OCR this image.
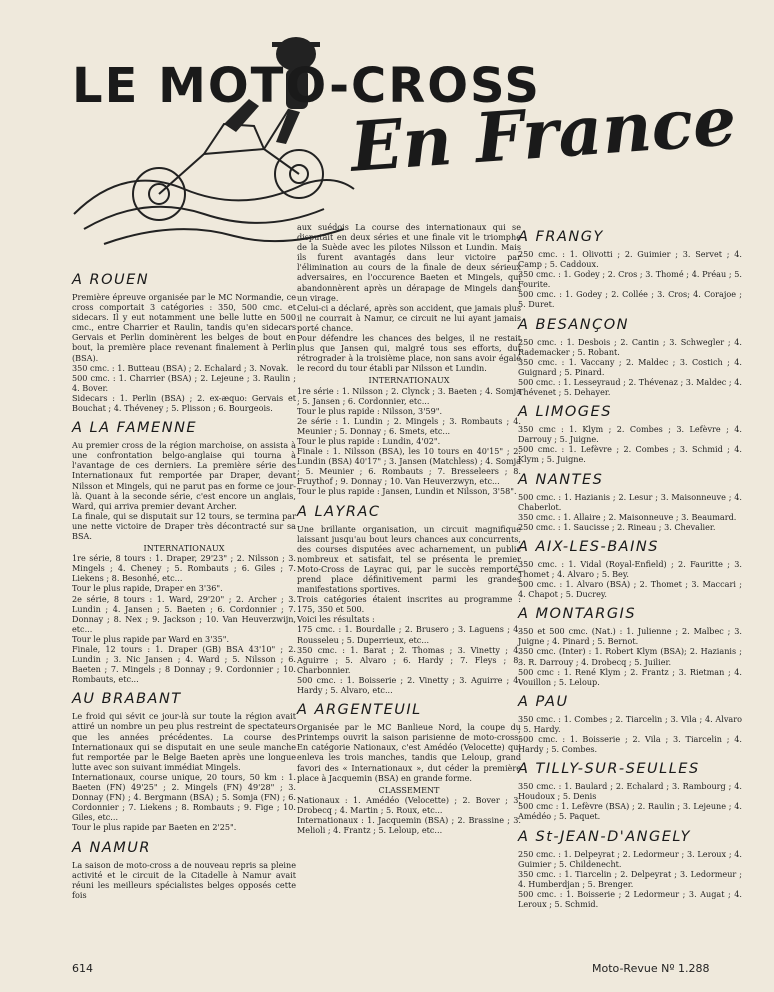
LE MOTO-CROSS
En France
A ROUEN

Première épreuve organisée par le MC Normandie, ce cross comportait 3 catégories : 350, 500 cmc. et sidecars. Il y eut notamment une belle lutte en 500 cmc., entre Charrier et Raulin, tandis qu'en sidecars Gervais et Perlin dominèrent les belges de bout en bout, la première place revenant finalement à Perlin (BSA).

350 cmc. : 1. Butteau (BSA) ; 2. Echalard ; 3. Novak.

500 cmc. : 1. Charrier (BSA) ; 2. Lejeune ; 3. Raulin ; 4. Bover.

Sidecars : 1. Perlin (BSA) ; 2. ex-æquo: Gervais et Bouchat ; 4. Théveney ; 5. Plisson ; 6. Bourgeois.

A LA FAMENNE

Au premier cross de la région marchoise, on assista à une confrontation belgo-anglaise qui tourna à l'avantage de ces derniers. La première série des Internationaux fut remportée par Draper, devant Nilsson et Mingels, qui ne parut pas en forme ce jour-là. Quant à la seconde série, c'est encore un anglais, Ward, qui arriva premier devant Archer.

La finale, qui se disputait sur 12 tours, se termina par une nette victoire de Draper très décontracté sur sa BSA.

INTERNATIONAUX

1re série, 8 tours : 1. Draper, 29'23" ; 2. Nilsson ; 3. Mingels ; 4. Cheney ; 5. Rombauts ; 6. Giles ; 7. Liekens ; 8. Besonhé, etc...

Tour le plus rapide, Draper en 3'36".

2e série, 8 tours : 1. Ward, 29'20" ; 2. Archer ; 3. Lundin ; 4. Jansen ; 5. Baeten ; 6. Cordonnier ; 7. Donnay ; 8. Nex ; 9. Jackson ; 10. Van Heuverzwijn, etc...

Tour le plus rapide par Ward en 3'35".

Finale, 12 tours : 1. Draper (GB) BSA 43'10" ; 2. Lundin ; 3. Nic Jansen ; 4. Ward ; 5. Nilsson ; 6. Baeten ; 7. Mingels ; 8 Donnay ; 9. Cordonnier ; 10. Rombauts, etc...

AU BRABANT

Le froid qui sévit ce jour-là sur toute la région avait attiré un nombre un peu plus restreint de spectateurs que les années précédentes. La course des Internationaux qui se disputait en une seule manche fut remportée par le Belge Baeten après une longue lutte avec son suivant immédiat Mingels.

Internationaux, course unique, 20 tours, 50 km : 1. Baeten (FN) 49'25" ; 2. Mingels (FN) 49'28" ; 3. Donnay (FN) ; 4. Bergmann (BSA) ; 5. Somja (FN) ; 6. Cordonnier ; 7. Liekens ; 8. Rombauts ; 9. Fige ; 10. Giles, etc...

Tour le plus rapide par Baeten en 2'25".

A NAMUR

La saison de moto-cross a de nouveau repris sa pleine activité et le circuit de la Citadelle à Namur avait réuni les meilleurs spécialistes belges opposés cette fois

aux suédois La course des internationaux qui se disputait en deux séries et une finale vit le triomphe de la Suède avec les pilotes Nilsson et Lundin. Mais ils furent avantagés dans leur victoire par l'élimination au cours de la finale de deux sérieux adversaires, en l'occurence Baeten et Mingels, qui abandonnèrent après un dérapage de Mingels dans un virage.

Celui-ci a déclaré, après son accident, que jamais plus il ne courrait à Namur, ce circuit ne lui ayant jamais porté chance.

Pour défendre les chances des belges, il ne restait plus que Jansen qui, malgré tous ses efforts, dut rétrograder à la troisième place, non sans avoir égalé le record du tour établi par Nilsson et Lundin.

INTERNATIONAUX

1re série : 1. Nilsson ; 2. Clynck ; 3. Baeten ; 4. Somja ; 5. Jansen ; 6. Cordonnier, etc...

Tour le plus rapide : Nilsson, 3'59".

2e série : 1. Lundin ; 2. Mingels ; 3. Rombauts ; 4. Meunier ; 5. Donnay ; 6. Smets, etc...

Tour le plus rapide : Lundin, 4'02".

Finale : 1. Nilsson (BSA), les 10 tours en 40'15" ; 2. Lundin (BSA) 40'17" ; 3. Jansen (Matchless) ; 4. Somja ; 5. Meunier ; 6. Rombauts ; 7. Bresseleers ; 8. Fruythof ; 9. Donnay ; 10. Van Heuverzwyn, etc...

Tour le plus rapide : Jansen, Lundin et Nilsson, 3'58".

A LAYRAC

Une brillante organisation, un circuit magnifique laissant jusqu'au bout leurs chances aux concurrents, des courses disputées avec acharnement, un public nombreux et satisfait, tel se présenta le premier Moto-Cross de Layrac qui, par le succès remporté, prend place définitivement parmi les grandes manifestations sportives.

Trois catégories étaient inscrites au programme : 175, 350 et 500.

Voici les résultats :

175 cmc. : 1. Bourdalle ; 2. Brusero ; 3. Laguens ; 4. Rousseleu ; 5. Duperrieux, etc...

350 cmc. : 1. Barat ; 2. Thomas ; 3. Vinetty ; 4. Aguirre ; 5. Alvaro ; 6. Hardy ; 7. Fleys ; 8. Charbonnier.

500 cmc. : 1. Boisserie ; 2. Vinetty ; 3. Aguirre ; 4. Hardy ; 5. Alvaro, etc...

A ARGENTEUIL

Organisée par le MC Banlieue Nord, la coupe du Printemps ouvrit la saison parisienne de moto-cross. En catégorie Nationaux, c'est Amédéo (Velocette) qui enleva les trois manches, tandis que Leloup, grand favori des « Internationaux », dut céder la première place à Jacquemin (BSA) en grande forme.

CLASSEMENT

Nationaux : 1. Amédéo (Velocette) ; 2. Bover ; 3. Drobecq ; 4. Martin ; 5. Roux, etc...

Internationaux : 1. Jacquemin (BSA) ; 2. Brassine ; 3. Melioli ; 4. Frantz ; 5. Leloup, etc...

A FRANGY

250 cmc. : 1. Olivotti ; 2. Guimier ; 3. Servet ; 4. Camp ; 5. Caddoux.

350 cmc. : 1. Godey ; 2. Cros ; 3. Thomé ; 4. Préau ; 5. Fourite.

500 cmc. : 1. Godey ; 2. Collée ; 3. Cros; 4. Corajoe ; 5. Duret.

A BESANÇON

250 cmc. : 1. Desbois ; 2. Cantin ; 3. Schwegler ; 4. Rademacker ; 5. Robant.

350 cmc. : 1. Vaccany ; 2. Maldec ; 3. Costich ; 4. Guignard ; 5. Pinard.

500 cmc. : 1. Lesseyraud ; 2. Thévenaz ; 3. Maldec ; 4. Thévenet ; 5. Dehayer.

A LIMOGES

350 cmc : 1. Klym ; 2. Combes ; 3. Lefèvre ; 4. Darrouy ; 5. Juigne.

500 cmc. : 1. Lefèvre ; 2. Combes ; 3. Schmid ; 4. Klym ; 5. Juigne.

A NANTES

500 cmc. : 1. Hazianis ; 2. Lesur ; 3. Maisonneuve ; 4. Chaberlot.

350 cmc. : 1. Allaire ; 2. Maisonneuve ; 3. Beaumard.

250 cmc. : 1. Saucisse ; 2. Rineau ; 3. Chevalier.

A AIX-LES-BAINS

350 cmc. : 1. Vidal (Royal-Enfield) ; 2. Fauritte ; 3. Thomet ; 4. Alvaro ; 5. Bey.

500 cmc. : 1. Alvaro (BSA) ; 2. Thomet ; 3. Maccari ; 4. Chapot ; 5. Ducrey.

A MONTARGIS

350 et 500 cmc. (Nat.) : 1. Julienne ; 2. Malbec ; 3. Juigne ; 4. Pinard ; 5. Bernot.

350 cmc. (Inter) : 1. Robert Klym (BSA); 2. Hazianis ; 3. R. Darrouy ; 4. Drobecq ; 5. Juilier.

500 cmc : 1. René Klym ; 2. Frantz ; 3. Rietman ; 4. Vouillon ; 5. Leloup.

A PAU

350 cmc. : 1. Combes ; 2. Tiarcelin ; 3. Vila ; 4. Alvaro ; 5. Hardy.

500 cmc. : 1. Boisserie ; 2. Vila ; 3. Tiarcelin ; 4. Hardy ; 5. Combes.

A TILLY-SUR-SEULLES

350 cmc. : 1. Baulard ; 2. Echalard ; 3. Rambourg ; 4. Houdoux ; 5. Denis

500 cmc : 1. Lefèvre (BSA) ; 2. Raulin ; 3. Lejeune ; 4. Amédéo ; 5. Paquet.

A St-JEAN-D'ANGELY

250 cmc. : 1. Delpeyrat ; 2. Ledormeur ; 3. Leroux ; 4. Guimier ; 5. Childenecht.

350 cmc. : 1. Tiarcelin ; 2. Delpeyrat ; 3. Ledormeur ; 4. Humberdjan ; 5. Brenger.

500 cmc. : 1. Boisserie ; 2 Ledormeur ; 3. Augat ; 4. Leroux ; 5. Schmid.

614	Moto-Revue Nº 1.288
